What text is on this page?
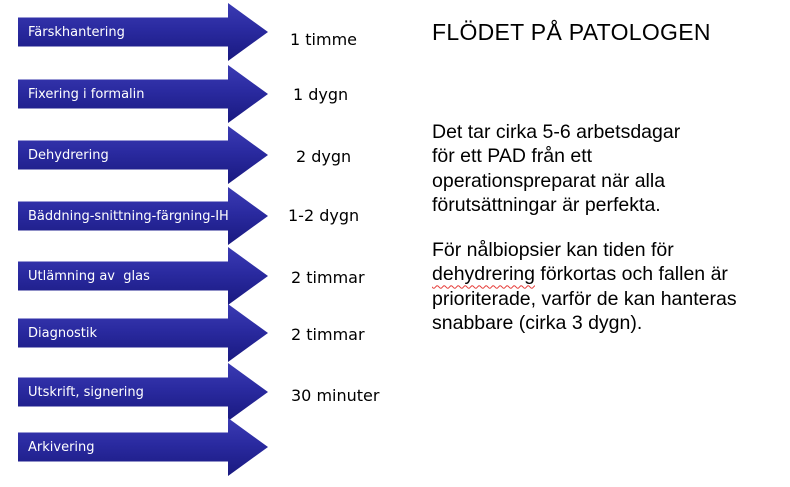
Färskhantering
Fixering i formalin
Dehydrering
Bäddning-snittning-färgning-IH
Utlämning av  glas
Diagnostik
Utskrift, signering
Arkivering
1 timme
1 dygn
2 dygn
1-2 dygn
2 timmar
2 timmar
30 minuter
FLÖDET PÅ PATOLOGEN
Det tar cirka 5-6 arbetsdagar
för ett PAD från ett
operationspreparat när alla
förutsättningar är perfekta.
För nålbiopsier kan tiden för
dehydrering förkortas och fallen är
prioriterade, varför de kan hanteras
snabbare (cirka 3 dygn).
